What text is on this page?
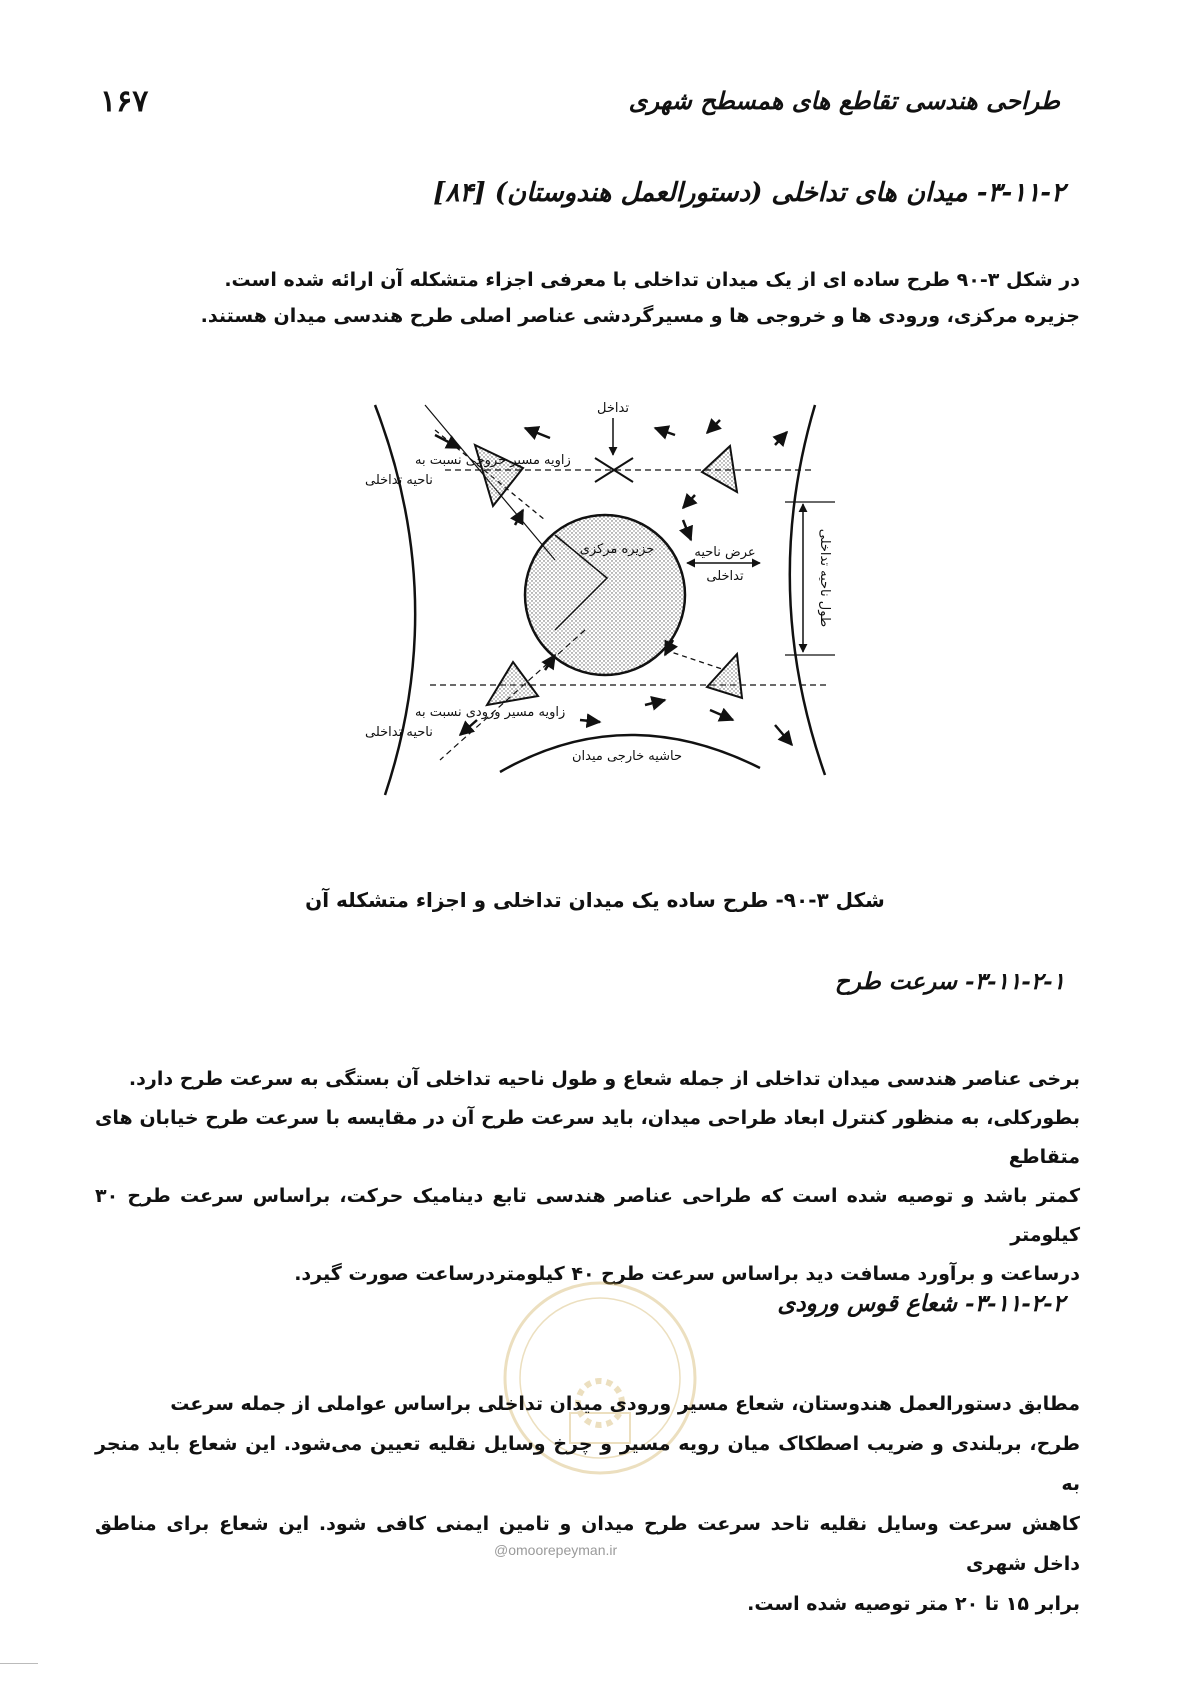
۱۶۷	طراحی هندسی تقاطع های همسطح شهری
۳-۱۱-۲- میدان های تداخلی (دستورالعمل هندوستان) [۸۴]

در شکل ۳-۹۰ طرح ساده ای از یک میدان تداخلی با معرفی اجزاء متشکله آن ارائه شده است.

جزیره مرکزی، ورودی ها و خروجی ها و مسیرگردشی عناصر اصلی طرح هندسی میدان هستند.

تداخل
زاویه مسیر خروجی نسبت به
ناحیه تداخلی
جزیره مرکزی	عرض ناحیه
تداخلی	طول ناحیه تداخلی
زاویه مسیر ورودی نسبت به
ناحیه تداخلی
حاشیه خارجی میدان
شکل ۳-۹۰- طرح ساده یک میدان تداخلی و اجزاء متشکله آن
۳-۱۱-۲-۱- سرعت طرح

برخی عناصر هندسی میدان تداخلی از جمله شعاع و طول ناحیه تداخلی آن بستگی به سرعت طرح دارد.

بطورکلی، به منظور کنترل ابعاد طراحی میدان، باید سرعت طرح آن در مقایسه با سرعت طرح خیابان های متقاطع

کمتر باشد و توصیه شده است که طراحی عناصر هندسی تابع دینامیک حرکت، براساس سرعت طرح ۳۰ کیلومتر

درساعت و برآورد مسافت دید براساس سرعت طرح ۴۰ کیلومتردرساعت صورت گیرد.

۳-۱۱-۲-۲- شعاع قوس ورودی

مطابق دستورالعمل هندوستان، شعاع مسیر ورودی میدان تداخلی براساس عواملی از جمله سرعت

طرح، بربلندی و ضریب اصطکاک میان رویه مسیر و چرخ وسایل نقلیه تعیین می‌شود. این شعاع باید منجر به

کاهش سرعت وسایل نقلیه تاحد سرعت طرح میدان و تامین ایمنی کافی شود. این شعاع برای مناطق داخل شهری

برابر ۱۵ تا ۲۰ متر توصیه شده است.

@omoorepeyman.ir
